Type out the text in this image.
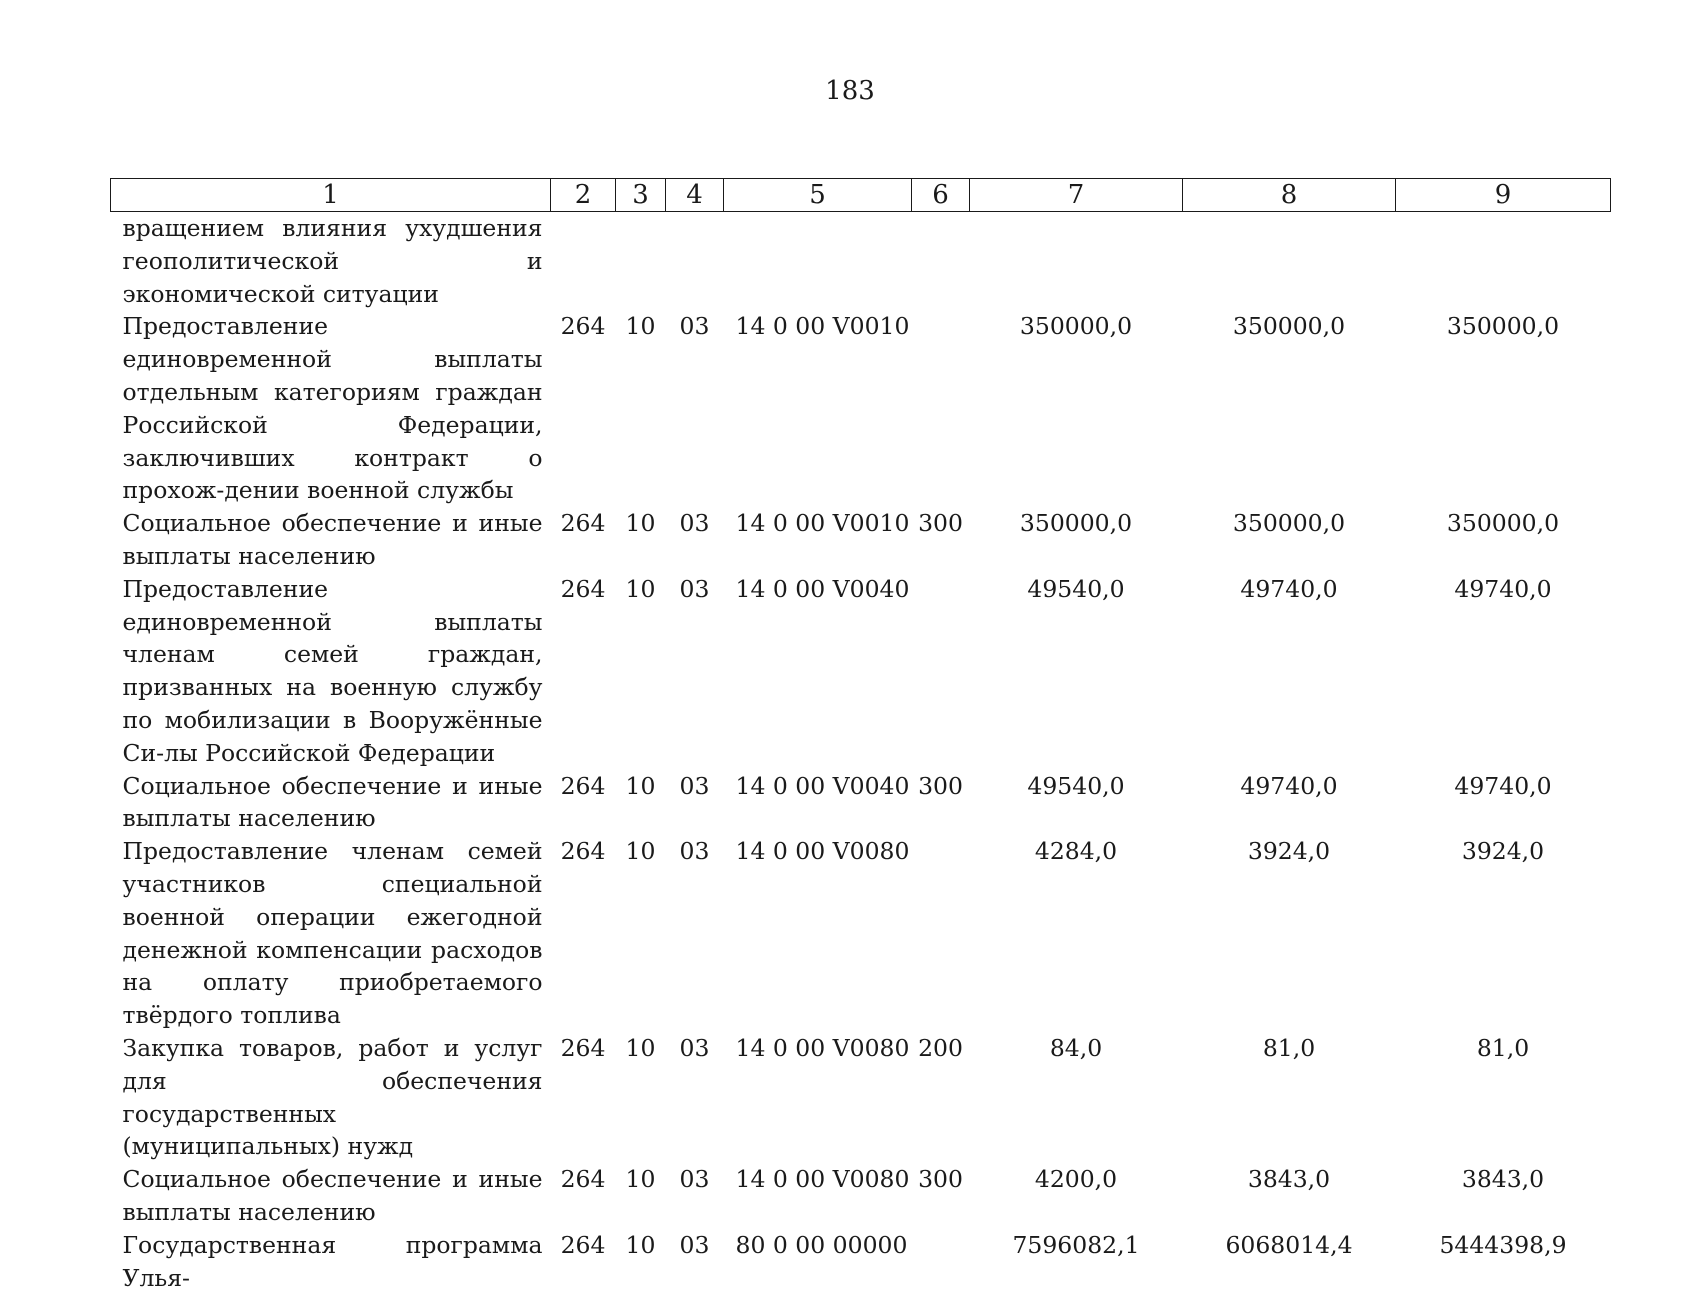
183
1	2	3	4	5	6	7	8	9
вращением влияния ухудшения геополитической и экономической ситуации								
Предоставление единовременной выплаты отдельным категориям граждан Российской Федерации, заключивших контракт о прохож-дении военной службы	264	10	03	14 0 00 V0010		350000,0	350000,0	350000,0
Социальное обеспечение и иные выплаты населению	264	10	03	14 0 00 V0010	300	350000,0	350000,0	350000,0
Предоставление единовременной выплаты членам семей граждан, призванных на военную службу по мобилизации в Вооружённые Си-лы Российской Федерации	264	10	03	14 0 00 V0040		49540,0	49740,0	49740,0
Социальное обеспечение и иные выплаты населению	264	10	03	14 0 00 V0040	300	49540,0	49740,0	49740,0
Предоставление членам семей участников специальной военной операции ежегодной денежной компенсации расходов на оплату приобретаемого твёрдого топлива	264	10	03	14 0 00 V0080		4284,0	3924,0	3924,0
Закупка товаров, работ и услуг для обеспечения государственных (муниципальных) нужд	264	10	03	14 0 00 V0080	200	84,0	81,0	81,0
Социальное обеспечение и иные выплаты населению	264	10	03	14 0 00 V0080	300	4200,0	3843,0	3843,0
Государственная программа Улья-	264	10	03	80 0 00 00000		7596082,1	6068014,4	5444398,9
